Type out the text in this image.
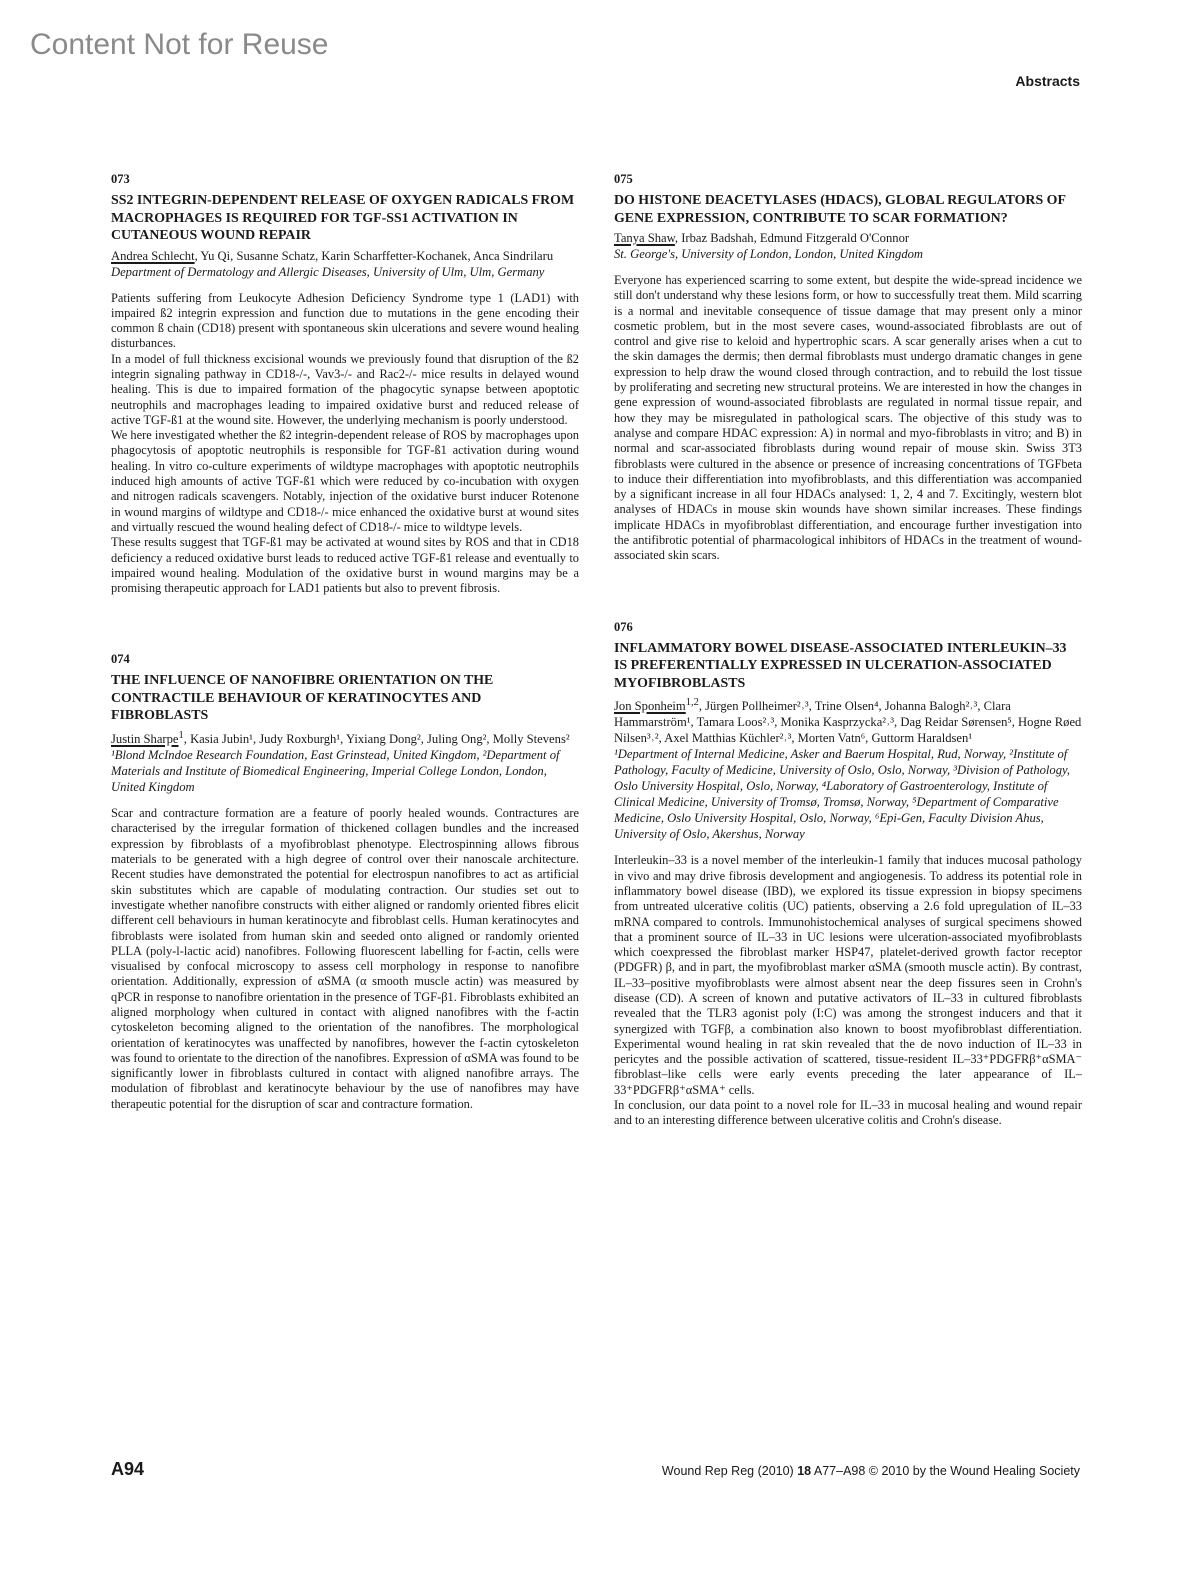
Content Not for Reuse
Abstracts
073
SS2 INTEGRIN-DEPENDENT RELEASE OF OXYGEN RADICALS FROM MACROPHAGES IS REQUIRED FOR TGF-SS1 ACTIVATION IN CUTANEOUS WOUND REPAIR

Andrea Schlecht, Yu Qi, Susanne Schatz, Karin Scharffetter-Kochanek, Anca Sindrilaru

Department of Dermatology and Allergic Diseases, University of Ulm, Ulm, Germany

Patients suffering from Leukocyte Adhesion Deficiency Syndrome type 1 (LAD1) with impaired ß2 integrin expression and function due to mutations in the gene encoding their common ß chain (CD18) present with spontaneous skin ulcerations and severe wound healing disturbances.

In a model of full thickness excisional wounds we previously found that disruption of the ß2 integrin signaling pathway in CD18-/-, Vav3-/- and Rac2-/- mice results in delayed wound healing. This is due to impaired formation of the phagocytic synapse between apoptotic neutrophils and macrophages leading to impaired oxidative burst and reduced release of active TGF-ß1 at the wound site. However, the underlying mechanism is poorly understood.

We here investigated whether the ß2 integrin-dependent release of ROS by macrophages upon phagocytosis of apoptotic neutrophils is responsible for TGF-ß1 activation during wound healing. In vitro co-culture experiments of wildtype macrophages with apoptotic neutrophils induced high amounts of active TGF-ß1 which were reduced by co-incubation with oxygen and nitrogen radicals scavengers. Notably, injection of the oxidative burst inducer Rotenone in wound margins of wildtype and CD18-/- mice enhanced the oxidative burst at wound sites and virtually rescued the wound healing defect of CD18-/- mice to wildtype levels.

These results suggest that TGF-ß1 may be activated at wound sites by ROS and that in CD18 deficiency a reduced oxidative burst leads to reduced active TGF-ß1 release and eventually to impaired wound healing. Modulation of the oxidative burst in wound margins may be a promising therapeutic approach for LAD1 patients but also to prevent fibrosis.

074
THE INFLUENCE OF NANOFIBRE ORIENTATION ON THE CONTRACTILE BEHAVIOUR OF KERATINOCYTES AND FIBROBLASTS

Justin Sharpe$^1$, Kasia Jubin¹, Judy Roxburgh¹, Yixiang Dong², Juling Ong², Molly Stevens²

¹Blond McIndoe Research Foundation, East Grinstead, United Kingdom, ²Department of Materials and Institute of Biomedical Engineering, Imperial College London, London, United Kingdom

Scar and contracture formation are a feature of poorly healed wounds. Contractures are characterised by the irregular formation of thickened collagen bundles and the increased expression by fibroblasts of a myofibroblast phenotype. Electrospinning allows fibrous materials to be generated with a high degree of control over their nanoscale architecture. Recent studies have demonstrated the potential for electrospun nanofibres to act as artificial skin substitutes which are capable of modulating contraction. Our studies set out to investigate whether nanofibre constructs with either aligned or randomly oriented fibres elicit different cell behaviours in human keratinocyte and fibroblast cells. Human keratinocytes and fibroblasts were isolated from human skin and seeded onto aligned or randomly oriented PLLA (poly-l-lactic acid) nanofibres. Following fluorescent labelling for f-actin, cells were visualised by confocal microscopy to assess cell morphology in response to nanofibre orientation. Additionally, expression of αSMA (α smooth muscle actin) was measured by qPCR in response to nanofibre orientation in the presence of TGF-β1. Fibroblasts exhibited an aligned morphology when cultured in contact with aligned nanofibres with the f-actin cytoskeleton becoming aligned to the orientation of the nanofibres. The morphological orientation of keratinocytes was unaffected by nanofibres, however the f-actin cytoskeleton was found to orientate to the direction of the nanofibres. Expression of αSMA was found to be significantly lower in fibroblasts cultured in contact with aligned nanofibre arrays. The modulation of fibroblast and keratinocyte behaviour by the use of nanofibres may have therapeutic potential for the disruption of scar and contracture formation.

075
DO HISTONE DEACETYLASES (HDACS), GLOBAL REGULATORS OF GENE EXPRESSION, CONTRIBUTE TO SCAR FORMATION?

Tanya Shaw, Irbaz Badshah, Edmund Fitzgerald O'Connor

St. George's, University of London, London, United Kingdom

Everyone has experienced scarring to some extent, but despite the wide-spread incidence we still don't understand why these lesions form, or how to successfully treat them. Mild scarring is a normal and inevitable consequence of tissue damage that may present only a minor cosmetic problem, but in the most severe cases, wound-associated fibroblasts are out of control and give rise to keloid and hypertrophic scars. A scar generally arises when a cut to the skin damages the dermis; then dermal fibroblasts must undergo dramatic changes in gene expression to help draw the wound closed through contraction, and to rebuild the lost tissue by proliferating and secreting new structural proteins. We are interested in how the changes in gene expression of wound-associated fibroblasts are regulated in normal tissue repair, and how they may be misregulated in pathological scars. The objective of this study was to analyse and compare HDAC expression: A) in normal and myo-fibroblasts in vitro; and B) in normal and scar-associated fibroblasts during wound repair of mouse skin. Swiss 3T3 fibroblasts were cultured in the absence or presence of increasing concentrations of TGFbeta to induce their differentiation into myofibroblasts, and this differentiation was accompanied by a significant increase in all four HDACs analysed: 1, 2, 4 and 7. Excitingly, western blot analyses of HDACs in mouse skin wounds have shown similar increases. These findings implicate HDACs in myofibroblast differentiation, and encourage further investigation into the antifibrotic potential of pharmacological inhibitors of HDACs in the treatment of wound-associated skin scars.

076
INFLAMMATORY BOWEL DISEASE-ASSOCIATED INTERLEUKIN–33 IS PREFERENTIALLY EXPRESSED IN ULCERATION-ASSOCIATED MYOFIBROBLASTS

Jon Sponheim$^{1,2}$, Jürgen Pollheimer²˒³, Trine Olsen⁴, Johanna Balogh²˒³, Clara Hammarström¹, Tamara Loos²˒³, Monika Kasprzycka²˒³, Dag Reidar Sørensen⁵, Hogne Røed Nilsen³˒², Axel Matthias Küchler²˒³, Morten Vatn⁶, Guttorm Haraldsen¹

¹Department of Internal Medicine, Asker and Baerum Hospital, Rud, Norway, ²Institute of Pathology, Faculty of Medicine, University of Oslo, Oslo, Norway, ³Division of Pathology, Oslo University Hospital, Oslo, Norway, ⁴Laboratory of Gastroenterology, Institute of Clinical Medicine, University of Tromsø, Tromsø, Norway, ⁵Department of Comparative Medicine, Oslo University Hospital, Oslo, Norway, ⁶Epi-Gen, Faculty Division Ahus, University of Oslo, Akershus, Norway

Interleukin–33 is a novel member of the interleukin-1 family that induces mucosal pathology in vivo and may drive fibrosis development and angiogenesis. To address its potential role in inflammatory bowel disease (IBD), we explored its tissue expression in biopsy specimens from untreated ulcerative colitis (UC) patients, observing a 2.6 fold upregulation of IL–33 mRNA compared to controls. Immunohistochemical analyses of surgical specimens showed that a prominent source of IL–33 in UC lesions were ulceration-associated myofibroblasts which coexpressed the fibroblast marker HSP47, platelet-derived growth factor receptor (PDGFR) β, and in part, the myofibroblast marker αSMA (smooth muscle actin). By contrast, IL–33–positive myofibroblasts were almost absent near the deep fissures seen in Crohn's disease (CD). A screen of known and putative activators of IL–33 in cultured fibroblasts revealed that the TLR3 agonist poly (I:C) was among the strongest inducers and that it synergized with TGFβ, a combination also known to boost myofibroblast differentiation. Experimental wound healing in rat skin revealed that the de novo induction of IL–33 in pericytes and the possible activation of scattered, tissue-resident IL–33⁺PDGFRβ⁺αSMA⁻ fibroblast–like cells were early events preceding the later appearance of IL–33⁺PDGFRβ⁺αSMA⁺ cells.

In conclusion, our data point to a novel role for IL–33 in mucosal healing and wound repair and to an interesting difference between ulcerative colitis and Crohn's disease.

A94	Wound Rep Reg (2010) 18 A77–A98 © 2010 by the Wound Healing Society
